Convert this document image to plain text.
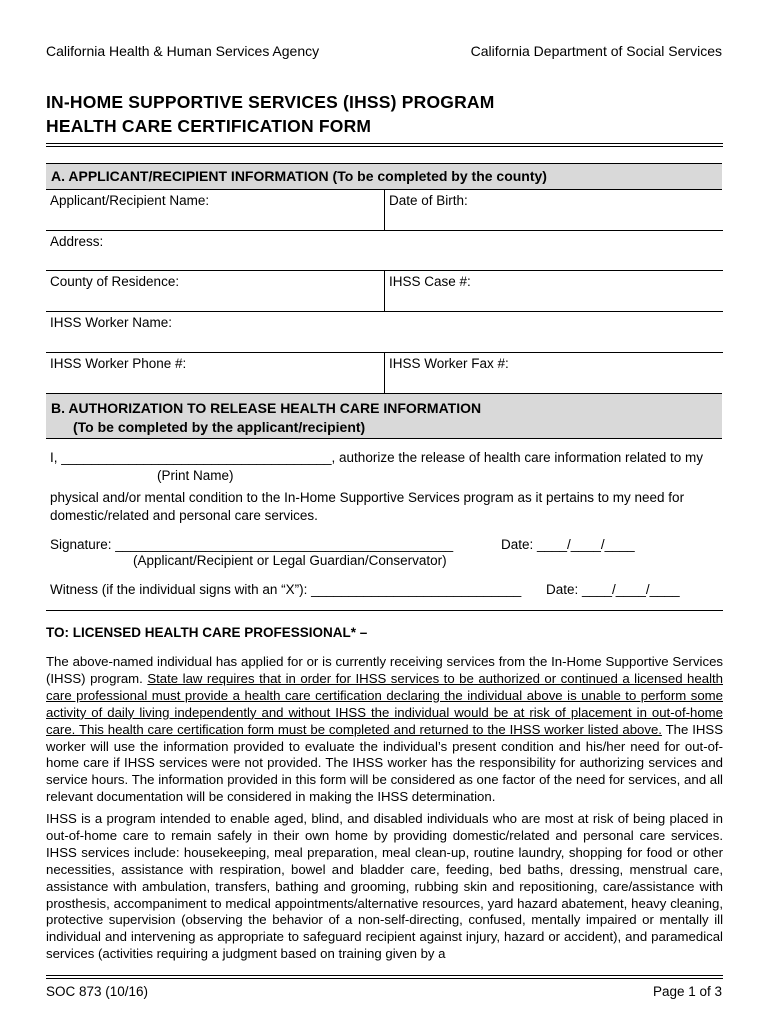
California Health & Human Services Agency	California Department of Social Services
IN-HOME SUPPORTIVE SERVICES (IHSS) PROGRAM
HEALTH CARE CERTIFICATION FORM
A. APPLICANT/RECIPIENT INFORMATION (To be completed by the county)
Applicant/Recipient Name:	Date of Birth:
Address:
County of Residence:	IHSS Case #:
IHSS Worker Name:
IHSS Worker Phone #:	IHSS Worker Fax #:
B. AUTHORIZATION TO RELEASE HEALTH CARE INFORMATION
(To be completed by the applicant/recipient)
I, ____________________________________, authorize the release of health care information related to my
(Print Name)
physical and/or mental condition to the In-Home Supportive Services program as it pertains to my need for
domestic/related and personal care services.
Signature: _____________________________________________	Date: ____/____/____
(Applicant/Recipient or Legal Guardian/Conservator)
Witness (if the individual signs with an “X”): ____________________________ Date: ____/____/____
TO: LICENSED HEALTH CARE PROFESSIONAL* –
The above-named individual has applied for or is currently receiving services from the In-Home Supportive Services (IHSS) program. State law requires that in order for IHSS services to be authorized or continued a licensed health care professional must provide a health care certification declaring the individual above is unable to perform some activity of daily living independently and without IHSS the individual would be at risk of placement in out-of-home care. This health care certification form must be completed and returned to the IHSS worker listed above. The IHSS worker will use the information provided to evaluate the individual’s present condition and his/her need for out-of-home care if IHSS services were not provided. The IHSS worker has the responsibility for authorizing services and service hours. The information provided in this form will be considered as one factor of the need for services, and all relevant documentation will be considered in making the IHSS determination.
IHSS is a program intended to enable aged, blind, and disabled individuals who are most at risk of being placed in out-of-home care to remain safely in their own home by providing domestic/related and personal care services. IHSS services include: housekeeping, meal preparation, meal clean-up, routine laundry, shopping for food or other necessities, assistance with respiration, bowel and bladder care, feeding, bed baths, dressing, menstrual care, assistance with ambulation, transfers, bathing and grooming, rubbing skin and repositioning, care/assistance with prosthesis, accompaniment to medical appointments/alternative resources, yard hazard abatement, heavy cleaning, protective supervision (observing the behavior of a non-self-directing, confused, mentally impaired or mentally ill individual and intervening as appropriate to safeguard recipient against injury, hazard or accident), and paramedical services (activities requiring a judgment based on training given by a
SOC 873 (10/16)	Page 1 of 3
